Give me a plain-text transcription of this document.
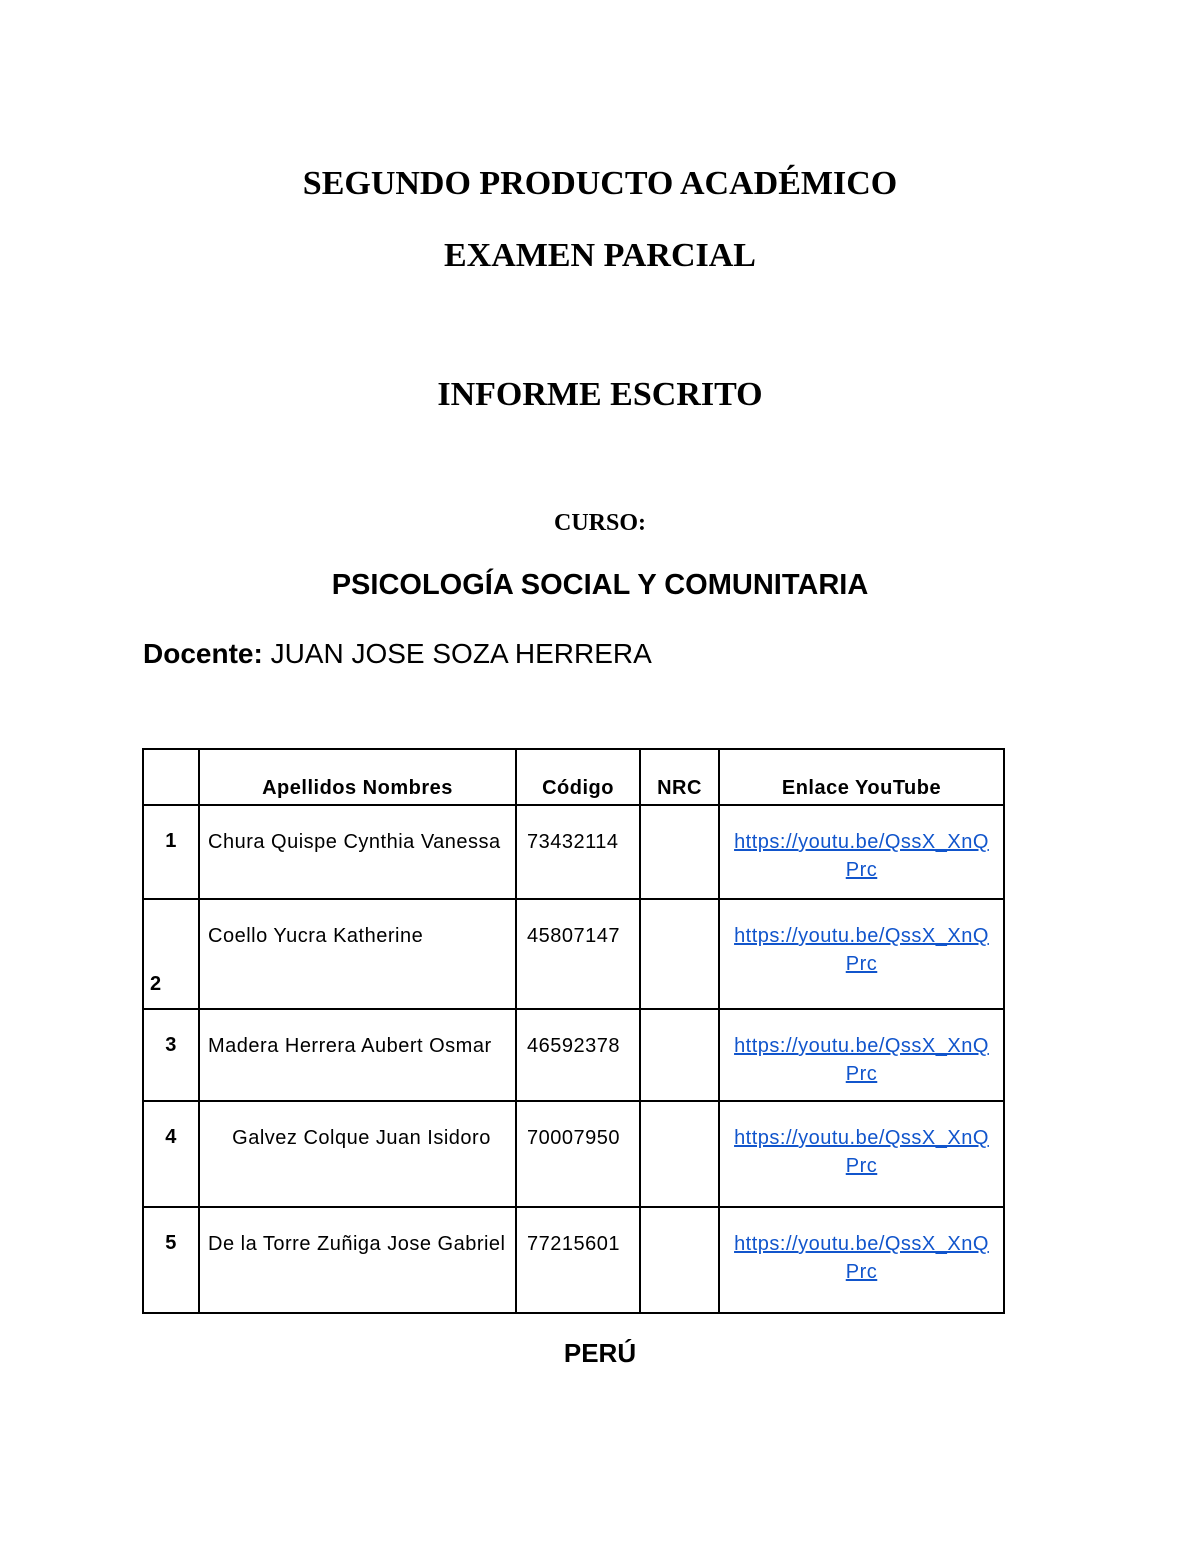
SEGUNDO PRODUCTO ACADÉMICO
EXAMEN PARCIAL
INFORME ESCRITO
CURSO:
PSICOLOGÍA SOCIAL Y COMUNITARIA
Docente: JUAN JOSE SOZA HERRERA
	Apellidos Nombres	Código	NRC	Enlace YouTube
1	Chura Quispe Cynthia Vanessa	73432114		https://youtu.be/QssX_XnQ
Prc
2	Coello Yucra Katherine	45807147		https://youtu.be/QssX_XnQ
Prc
3	Madera Herrera Aubert Osmar	46592378		https://youtu.be/QssX_XnQ
Prc
4	Galvez Colque Juan Isidoro	70007950		https://youtu.be/QssX_XnQ
Prc
5	De la Torre Zuñiga Jose Gabriel	77215601		https://youtu.be/QssX_XnQ
Prc
PERÚ
